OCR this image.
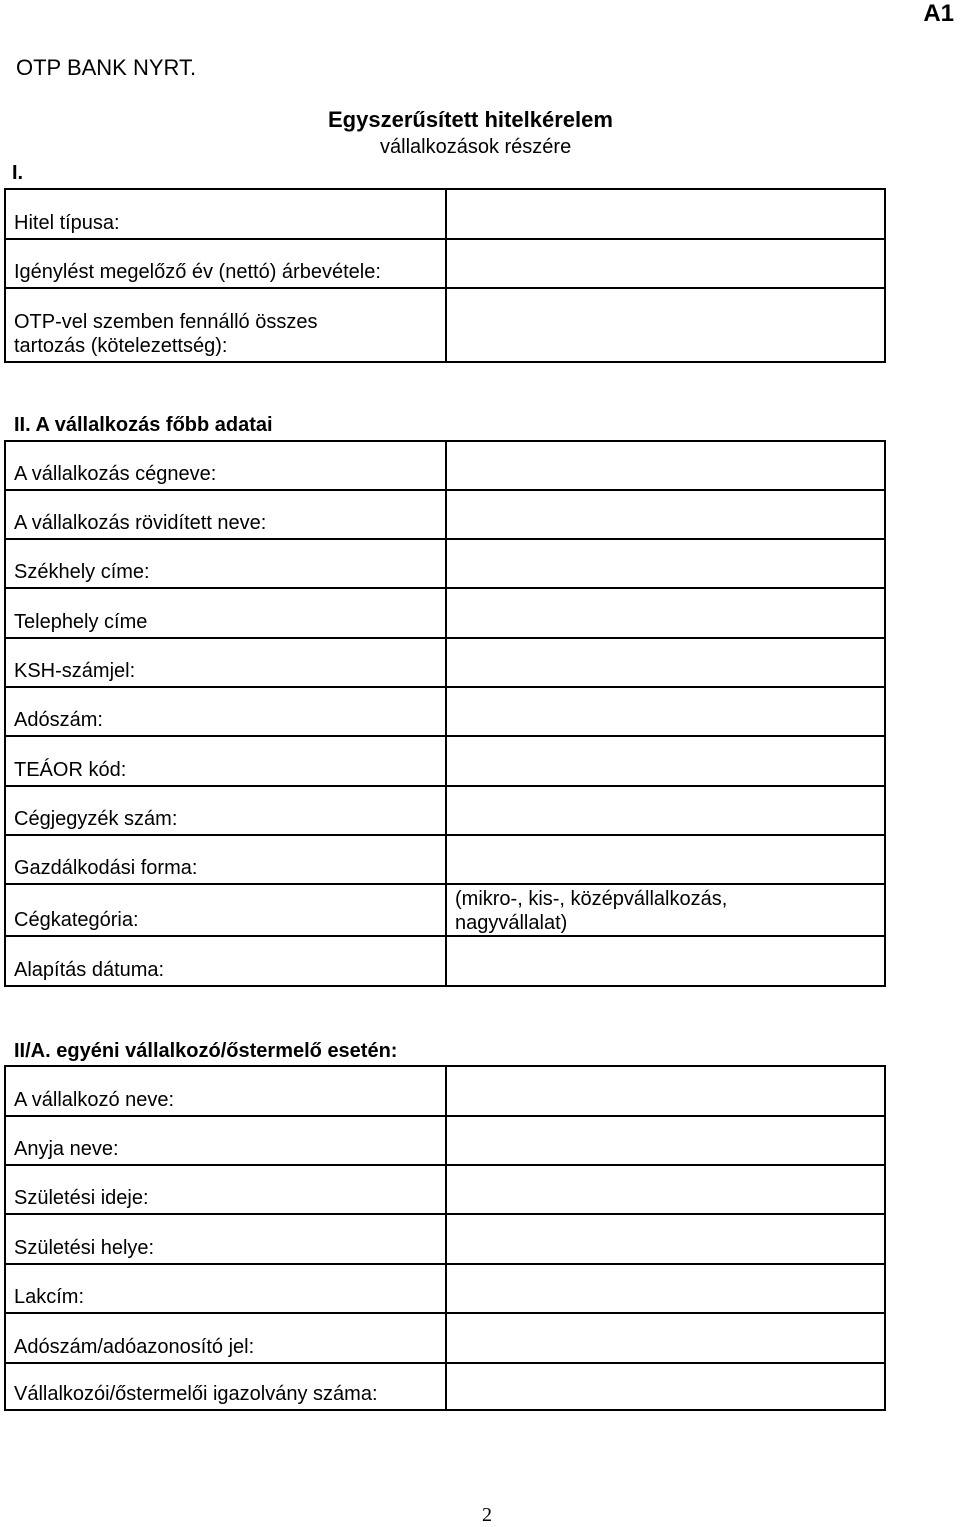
A1
OTP BANK NYRT.
Egyszerűsített hitelkérelem
vállalkozások részére
I.
Hitel típusa:	

Igénylést megelőző év (nettó) árbevétele:	

OTP-vel szemben fennálló összes
tartozás (kötelezettség):	

II. A vállalkozás főbb adatai
A vállalkozás cégneve:	

A vállalkozás rövidített neve:	

Székhely címe:	

Telephely címe	

KSH-számjel:	

Adószám:	

TEÁOR kód:	

Cégjegyzék szám:	

Gazdálkodási forma:	

Cégkategória:	(mikro-, kis-, középvállalkozás,
nagyvállalat)

Alapítás dátuma:	

II/A. egyéni vállalkozó/őstermelő esetén:
A vállalkozó neve:	

Anyja neve:	

Születési ideje:	

Születési helye:	

Lakcím:	

Adószám/adóazonosító jel:	

Vállalkozói/őstermelői igazolvány száma:	

2
